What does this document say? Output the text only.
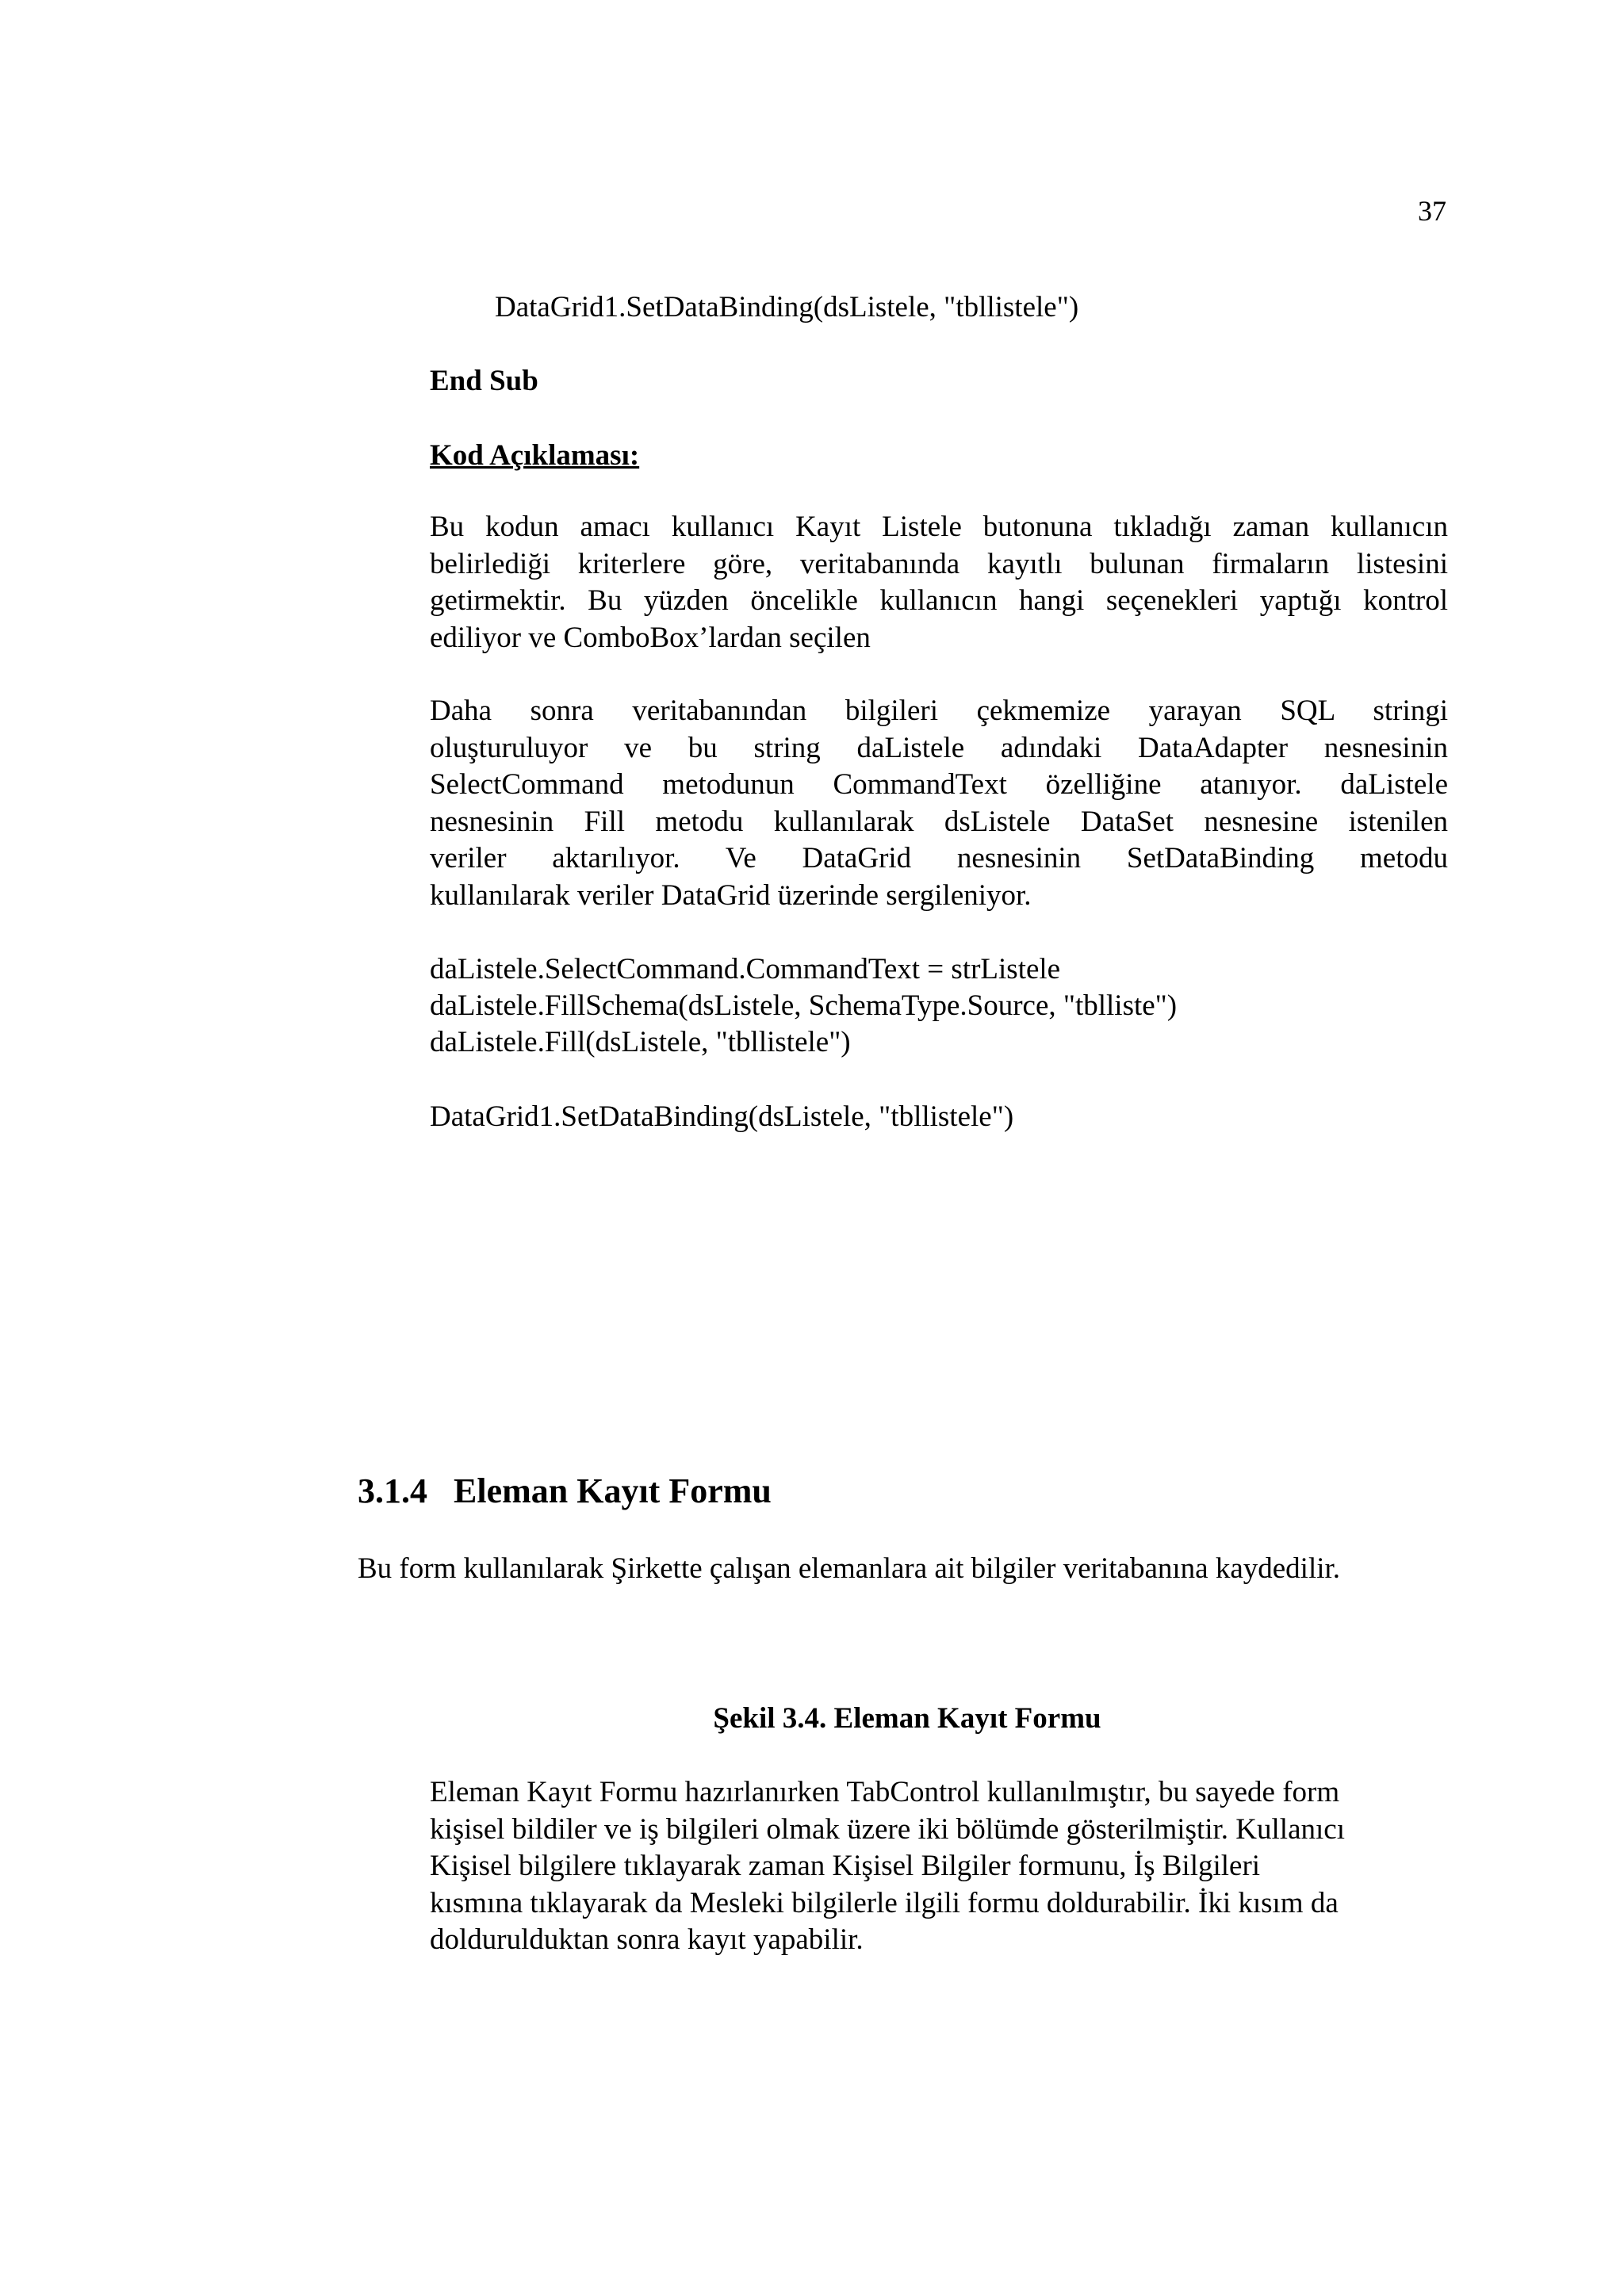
37
DataGrid1.SetDataBinding(dsListele, "tbllistele")
End Sub
Kod Açıklaması:
Bu kodun amacı kullanıcı Kayıt Listele butonuna tıkladığı zaman kullanıcın
belirlediği kriterlere göre, veritabanında kayıtlı bulunan firmaların listesini
getirmektir. Bu yüzden öncelikle kullanıcın hangi seçenekleri yaptığı kontrol
ediliyor ve ComboBox’lardan seçilen
Daha sonra veritabanından bilgileri çekmemize yarayan SQL stringi
oluşturuluyor ve bu string daListele adındaki DataAdapter nesnesinin
SelectCommand metodunun CommandText özelliğine atanıyor. daListele
nesnesinin Fill metodu kullanılarak dsListele DataSet nesnesine istenilen
veriler aktarılıyor. Ve DataGrid nesnesinin SetDataBinding metodu
kullanılarak veriler DataGrid üzerinde sergileniyor.
daListele.SelectCommand.CommandText = strListele
daListele.FillSchema(dsListele, SchemaType.Source, "tblliste")
daListele.Fill(dsListele, "tbllistele")
DataGrid1.SetDataBinding(dsListele, "tbllistele")
3.1.4 Eleman Kayıt Formu
Bu form kullanılarak Şirkette çalışan elemanlara ait bilgiler veritabanına kaydedilir.
Şekil 3.4. Eleman Kayıt Formu
Eleman Kayıt Formu hazırlanırken TabControl kullanılmıştır, bu sayede form
kişisel bildiler ve iş bilgileri olmak üzere iki bölümde gösterilmiştir. Kullanıcı
Kişisel bilgilere tıklayarak zaman Kişisel Bilgiler formunu, İş Bilgileri
kısmına tıklayarak da Mesleki bilgilerle ilgili formu doldurabilir. İki kısım da
doldurulduktan sonra kayıt yapabilir.
